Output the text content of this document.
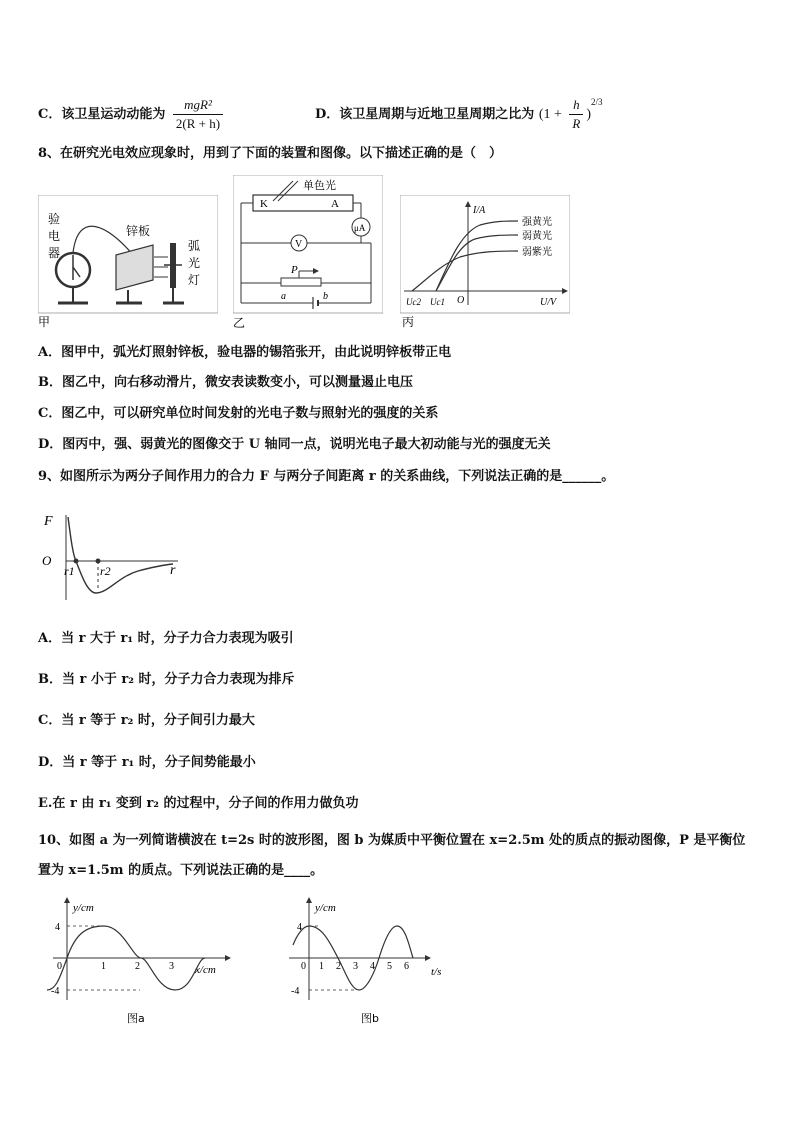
C．该卫星运动动能为 $\frac{\text{mgR²}}{2(R + h)}$	D．该卫星周期与近地卫星周期之比为 $(1 + \frac{h}{R} )^{2/3}$
8、在研究光电效应现象时，用到了下面的装置和图像。以下描述正确的是（　）
验
电
器
锌板
弧
光
灯
甲
单色光
K	A
V
μA
P
a	b
乙
I/A
U/V
O
Uc2 Uc1
强黄光
弱黄光
弱紫光
丙
A．图甲中，弧光灯照射锌板，验电器的锡箔张开，由此说明锌板带正电
B．图乙中，向右移动滑片，微安表读数变小，可以测量遏止电压
C．图乙中，可以研究单位时间发射的光电子数与照射光的强度的关系
D．图丙中，强、弱黄光的图像交于 U 轴同一点，说明光电子最大初动能与光的强度无关
9、如图所示为两分子间作用力的合力 F 与两分子间距离 r 的关系曲线，下列说法正确的是______。
F
O
r
r1 r2
A．当 r 大于 r₁ 时，分子力合力表现为吸引
B．当 r 小于 r₂ 时，分子力合力表现为排斥
C．当 r 等于 r₂ 时，分子间引力最大
D．当 r 等于 r₁ 时，分子间势能最小
E.在 r 由 r₁ 变到 r₂ 的过程中，分子间的作用力做负功
10、如图 a 为一列简谐横波在 t=2s 时的波形图，图 b 为媒质中平衡位置在 x=2.5m 处的质点的振动图像，P 是平衡位
置为 x=1.5m 的质点。下列说法正确的是____。
y/cm
x/cm
4
-4
0	1	2	3
图a
y/cm
t/s
4
-4
0 1 2 3 4 5 6
图b
